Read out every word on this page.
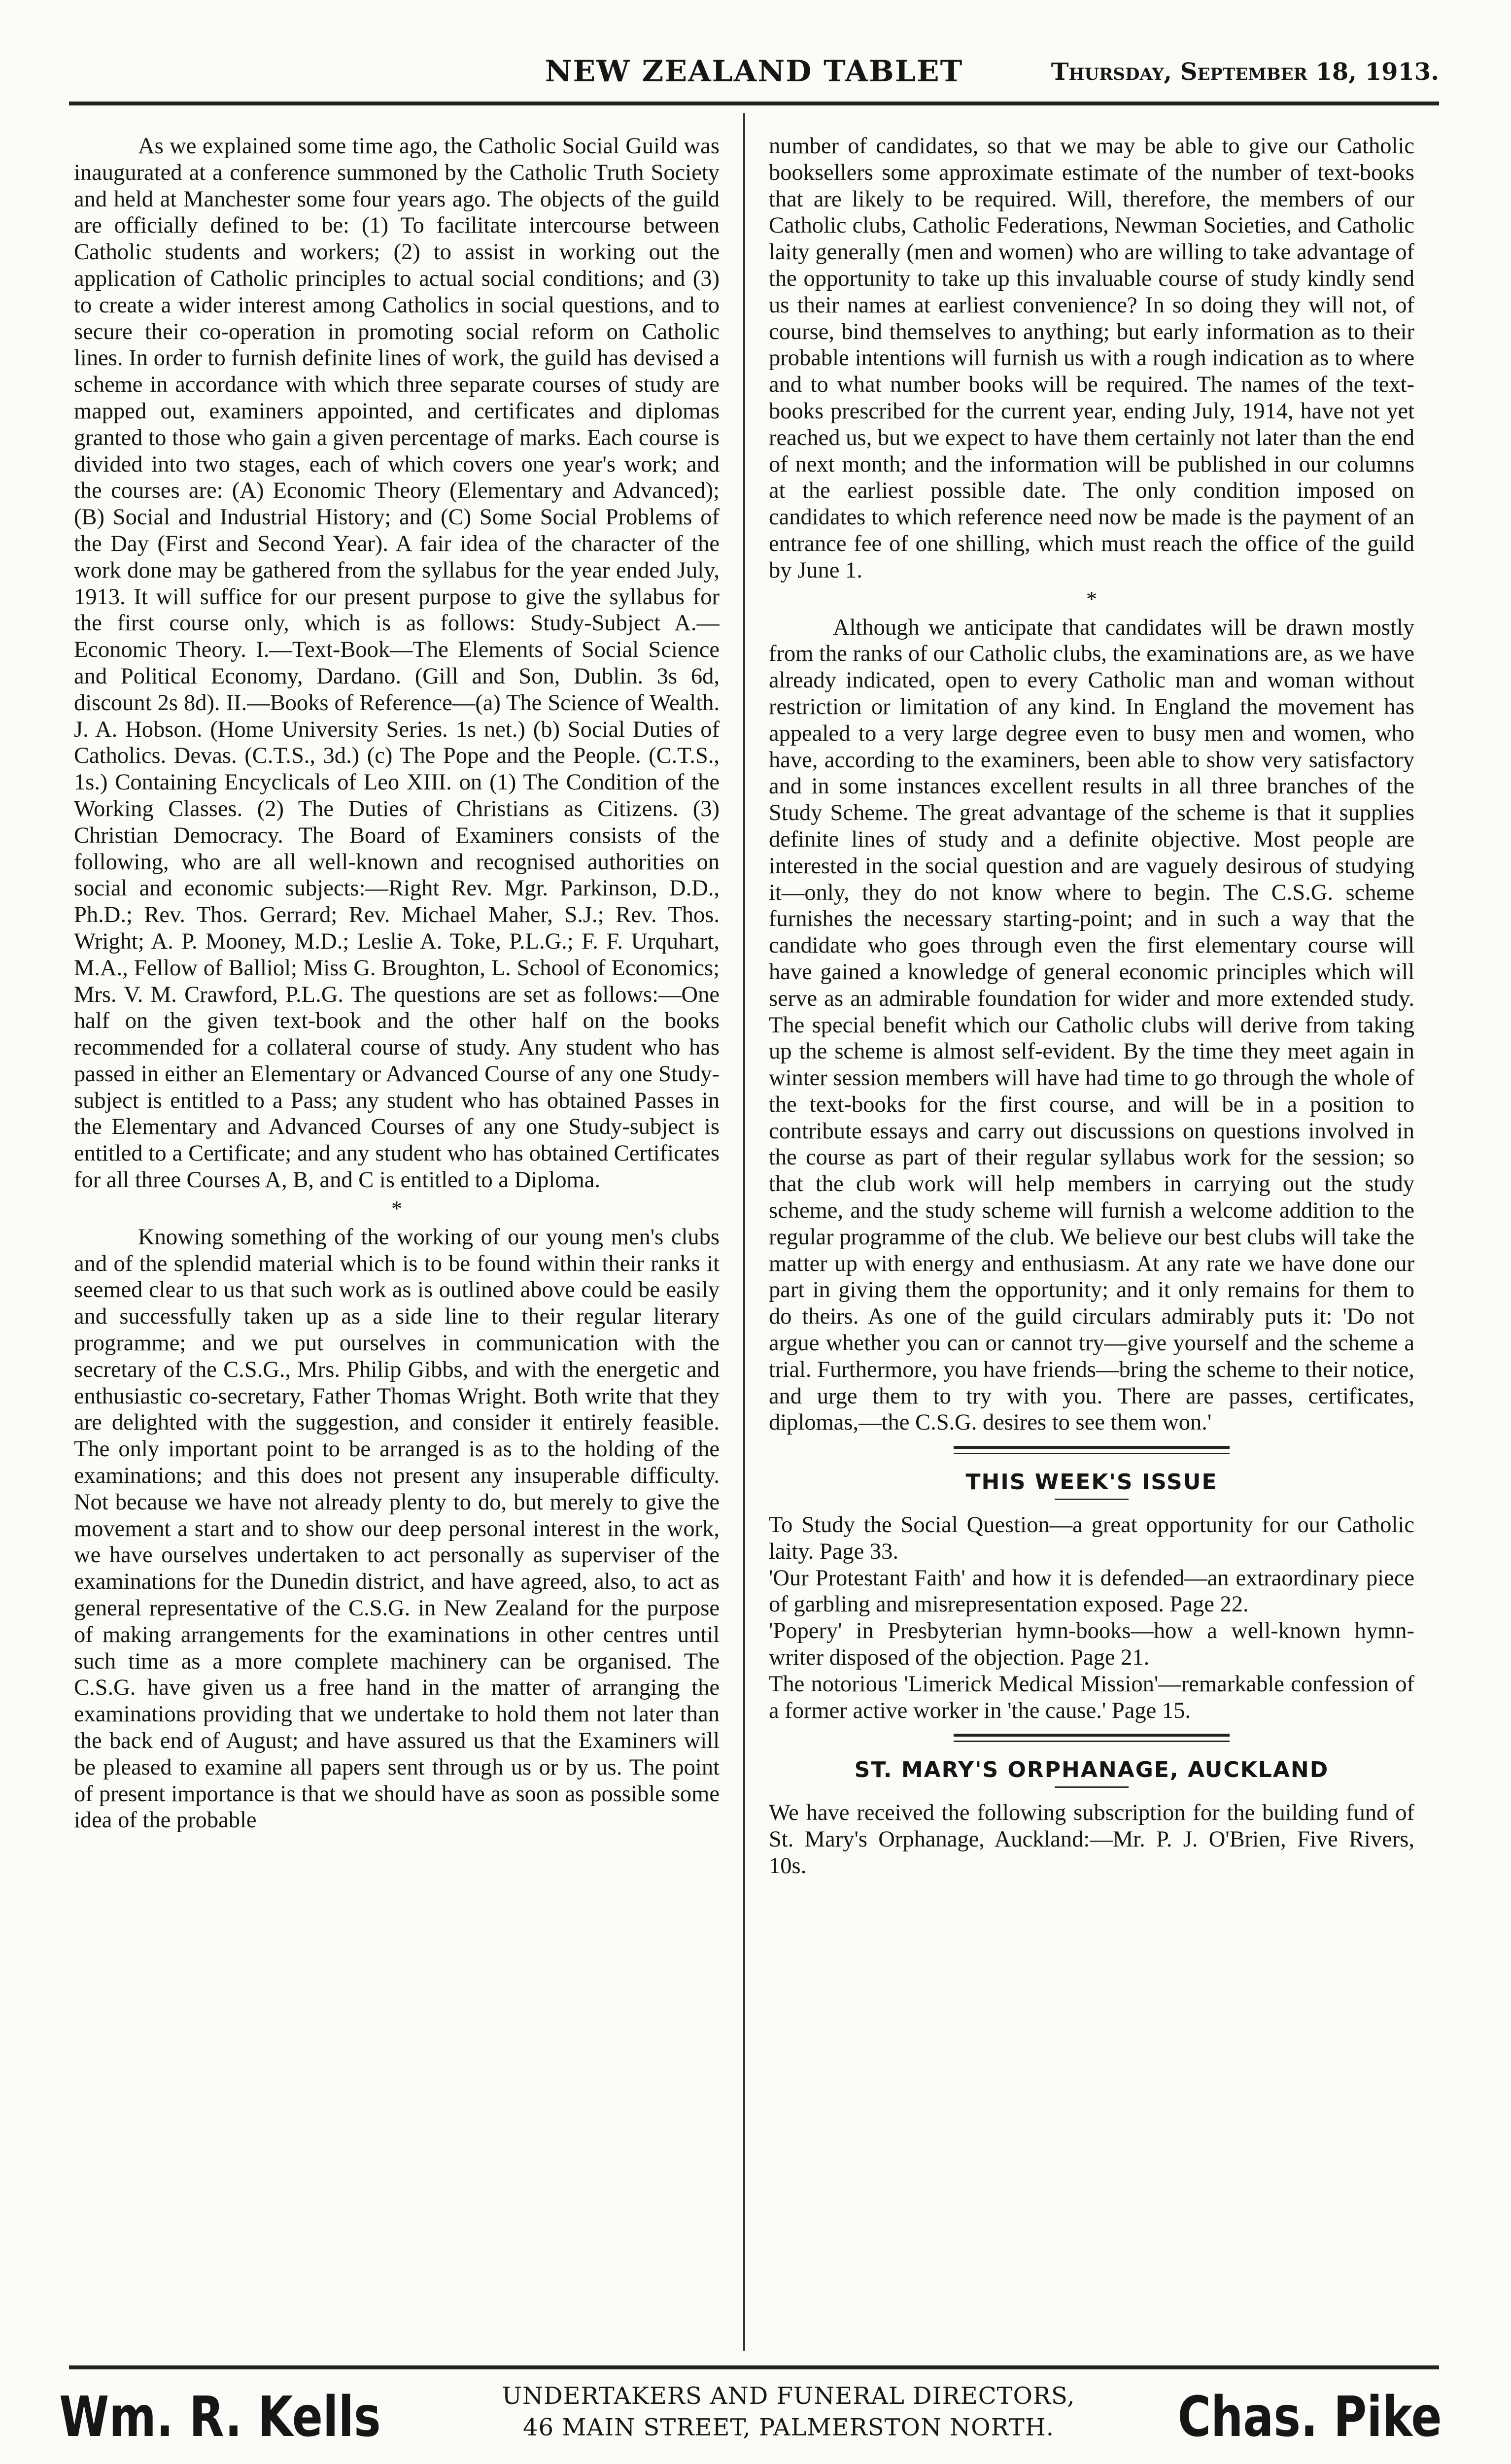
NEW ZEALAND TABLET	Thursday, September 18, 1913.

As we explained some time ago, the Catholic Social Guild was inaugurated at a conference summoned by the Catholic Truth Society and held at Manchester some four years ago. The objects of the guild are officially defined to be: (1) To facilitate intercourse between Catholic students and workers; (2) to assist in working out the application of Catholic principles to actual social conditions; and (3) to create a wider interest among Catholics in social questions, and to secure their co-operation in promoting social reform on Catholic lines. In order to furnish definite lines of work, the guild has devised a scheme in accordance with which three separate courses of study are mapped out, examiners appointed, and certificates and diplomas granted to those who gain a given percentage of marks. Each course is divided into two stages, each of which covers one year's work; and the courses are: (A) Economic Theory (Elementary and Advanced); (B) Social and Industrial History; and (C) Some Social Problems of the Day (First and Second Year). A fair idea of the character of the work done may be gathered from the syllabus for the year ended July, 1913. It will suffice for our present purpose to give the syllabus for the first course only, which is as follows: Study-Subject A.—Economic Theory. I.—Text-Book—The Elements of Social Science and Political Economy, Dardano. (Gill and Son, Dublin. 3s 6d, discount 2s 8d). II.—Books of Reference—(a) The Science of Wealth. J. A. Hobson. (Home University Series. 1s net.) (b) Social Duties of Catholics. Devas. (C.T.S., 3d.) (c) The Pope and the People. (C.T.S., 1s.) Containing Encyclicals of Leo XIII. on (1) The Condition of the Working Classes. (2) The Duties of Christians as Citizens. (3) Christian Democracy. The Board of Examiners consists of the following, who are all well-known and recognised authorities on social and economic subjects:—Right Rev. Mgr. Parkinson, D.D., Ph.D.; Rev. Thos. Gerrard; Rev. Michael Maher, S.J.; Rev. Thos. Wright; A. P. Mooney, M.D.; Leslie A. Toke, P.L.G.; F. F. Urquhart, M.A., Fellow of Balliol; Miss G. Broughton, L. School of Economics; Mrs. V. M. Crawford, P.L.G. The questions are set as follows:—One half on the given text-book and the other half on the books recommended for a collateral course of study. Any student who has passed in either an Elementary or Advanced Course of any one Study-subject is entitled to a Pass; any student who has obtained Passes in the Elementary and Advanced Courses of any one Study-subject is entitled to a Certificate; and any student who has obtained Certificates for all three Courses A, B, and C is entitled to a Diploma.

*

Knowing something of the working of our young men's clubs and of the splendid material which is to be found within their ranks it seemed clear to us that such work as is outlined above could be easily and successfully taken up as a side line to their regular literary programme; and we put ourselves in communication with the secretary of the C.S.G., Mrs. Philip Gibbs, and with the energetic and enthusiastic co-secretary, Father Thomas Wright. Both write that they are delighted with the suggestion, and consider it entirely feasible. The only important point to be arranged is as to the holding of the examinations; and this does not present any insuperable difficulty. Not because we have not already plenty to do, but merely to give the movement a start and to show our deep personal interest in the work, we have ourselves undertaken to act personally as superviser of the examinations for the Dunedin district, and have agreed, also, to act as general representative of the C.S.G. in New Zealand for the purpose of making arrangements for the examinations in other centres until such time as a more complete machinery can be organised. The C.S.G. have given us a free hand in the matter of arranging the examinations providing that we undertake to hold them not later than the back end of August; and have assured us that the Examiners will be pleased to examine all papers sent through us or by us. The point of present importance is that we should have as soon as possible some idea of the probable

number of candidates, so that we may be able to give our Catholic booksellers some approximate estimate of the number of text-books that are likely to be required. Will, therefore, the members of our Catholic clubs, Catholic Federations, Newman Societies, and Catholic laity generally (men and women) who are willing to take advantage of the opportunity to take up this invaluable course of study kindly send us their names at earliest convenience? In so doing they will not, of course, bind themselves to anything; but early information as to their probable intentions will furnish us with a rough indication as to where and to what number books will be required. The names of the text-books prescribed for the current year, ending July, 1914, have not yet reached us, but we expect to have them certainly not later than the end of next month; and the information will be published in our columns at the earliest possible date. The only condition imposed on candidates to which reference need now be made is the payment of an entrance fee of one shilling, which must reach the office of the guild by June 1.

*

Although we anticipate that candidates will be drawn mostly from the ranks of our Catholic clubs, the examinations are, as we have already indicated, open to every Catholic man and woman without restriction or limitation of any kind. In England the movement has appealed to a very large degree even to busy men and women, who have, according to the examiners, been able to show very satisfactory and in some instances excellent results in all three branches of the Study Scheme. The great advantage of the scheme is that it supplies definite lines of study and a definite objective. Most people are interested in the social question and are vaguely desirous of studying it—only, they do not know where to begin. The C.S.G. scheme furnishes the necessary starting-point; and in such a way that the candidate who goes through even the first elementary course will have gained a knowledge of general economic principles which will serve as an admirable foundation for wider and more extended study. The special benefit which our Catholic clubs will derive from taking up the scheme is almost self-evident. By the time they meet again in winter session members will have had time to go through the whole of the text-books for the first course, and will be in a position to contribute essays and carry out discussions on questions involved in the course as part of their regular syllabus work for the session; so that the club work will help members in carrying out the study scheme, and the study scheme will furnish a welcome addition to the regular programme of the club. We believe our best clubs will take the matter up with energy and enthusiasm. At any rate we have done our part in giving them the opportunity; and it only remains for them to do theirs. As one of the guild circulars admirably puts it: 'Do not argue whether you can or cannot try—give yourself and the scheme a trial. Furthermore, you have friends—bring the scheme to their notice, and urge them to try with you. There are passes, certificates, diplomas,—the C.S.G. desires to see them won.'

THIS WEEK'S ISSUE

To Study the Social Question—a great opportunity for our Catholic laity. Page 33.

'Our Protestant Faith' and how it is defended—an extraordinary piece of garbling and misrepresentation exposed. Page 22.

'Popery' in Presbyterian hymn-books—how a well-known hymn-writer disposed of the objection. Page 21.

The notorious 'Limerick Medical Mission'—remarkable confession of a former active worker in 'the cause.' Page 15.

ST. MARY'S ORPHANAGE, AUCKLAND

We have received the following subscription for the building fund of St. Mary's Orphanage, Auckland:—Mr. P. J. O'Brien, Five Rivers, 10s.

Wm. R. Kells	UNDERTAKERS AND FUNERAL DIRECTORS,
46 MAIN STREET, PALMERSTON NORTH.	Chas. Pike
